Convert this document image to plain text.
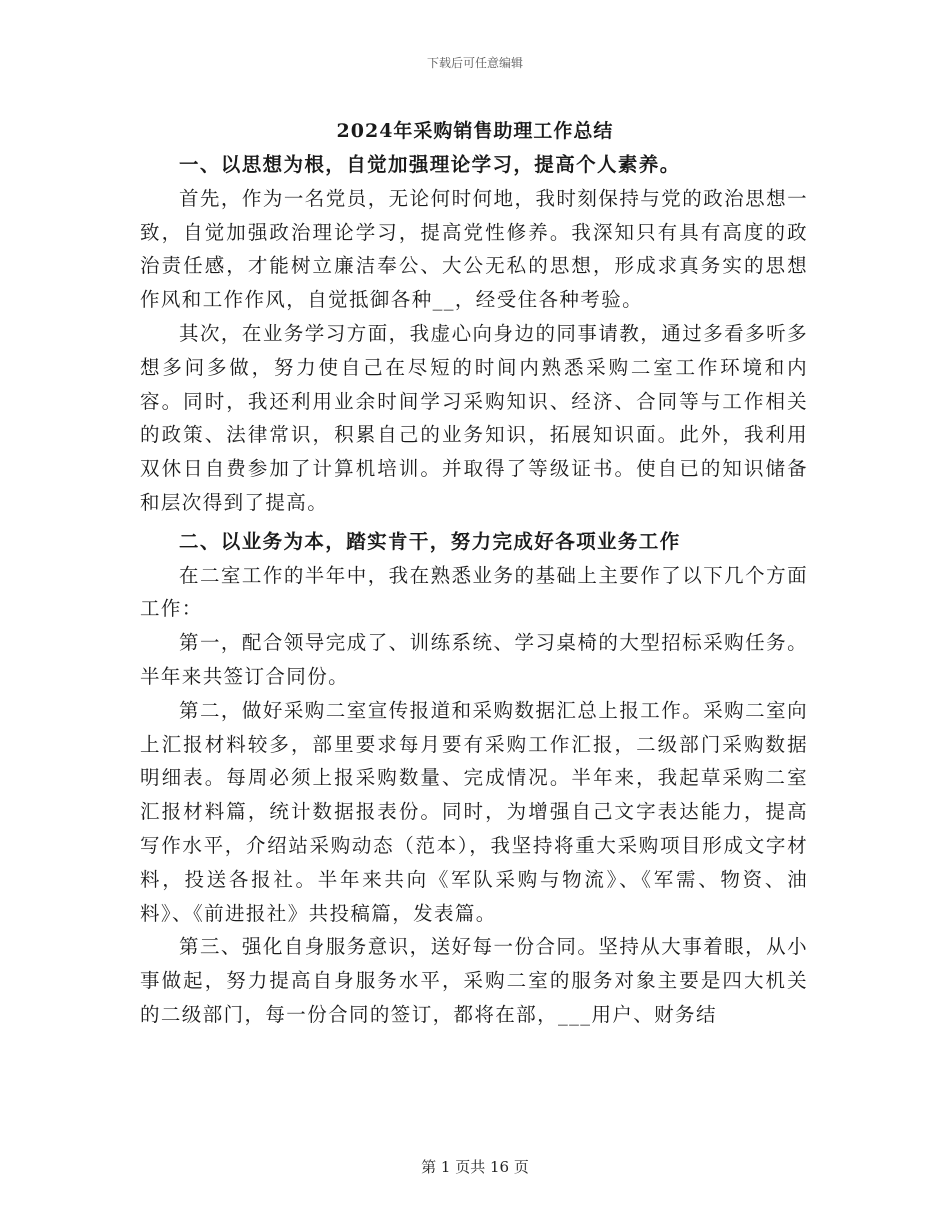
下载后可任意编辑
2024年采购销售助理工作总结

一、以思想为根，自觉加强理论学习，提高个人素养。

首先，作为一名党员，无论何时何地，我时刻保持与党的政治思想一致，自觉加强政治理论学习，提高党性修养。我深知只有具有高度的政治责任感，才能树立廉洁奉公、大公无私的思想，形成求真务实的思想作风和工作作风，自觉抵御各种__，经受住各种考验。

其次，在业务学习方面，我虚心向身边的同事请教，通过多看多听多想多问多做，努力使自己在尽短的时间内熟悉采购二室工作环境和内容。同时，我还利用业余时间学习采购知识、经济、合同等与工作相关的政策、法律常识，积累自己的业务知识，拓展知识面。此外，我利用双休日自费参加了计算机培训。并取得了等级证书。使自已的知识储备和层次得到了提高。

二、以业务为本，踏实肯干，努力完成好各项业务工作

在二室工作的半年中，我在熟悉业务的基础上主要作了以下几个方面工作：

第一，配合领导完成了、训练系统、学习桌椅的大型招标采购任务。半年来共签订合同份。

第二，做好采购二室宣传报道和采购数据汇总上报工作。采购二室向上汇报材料较多，部里要求每月要有采购工作汇报，二级部门采购数据明细表。每周必须上报采购数量、完成情况。半年来，我起草采购二室汇报材料篇，统计数据报表份。同时，为增强自己文字表达能力，提高写作水平，介绍站采购动态（范本），我坚持将重大采购项目形成文字材料，投送各报社。半年来共向《军队采购与物流》、《军需、物资、油料》、《前进报社》共投稿篇，发表篇。

第三、强化自身服务意识，送好每一份合同。坚持从大事着眼，从小事做起，努力提高自身服务水平，采购二室的服务对象主要是四大机关的二级部门，每一份合同的签订，都将在部，___用户、财务结

第 1 页共 16 页
